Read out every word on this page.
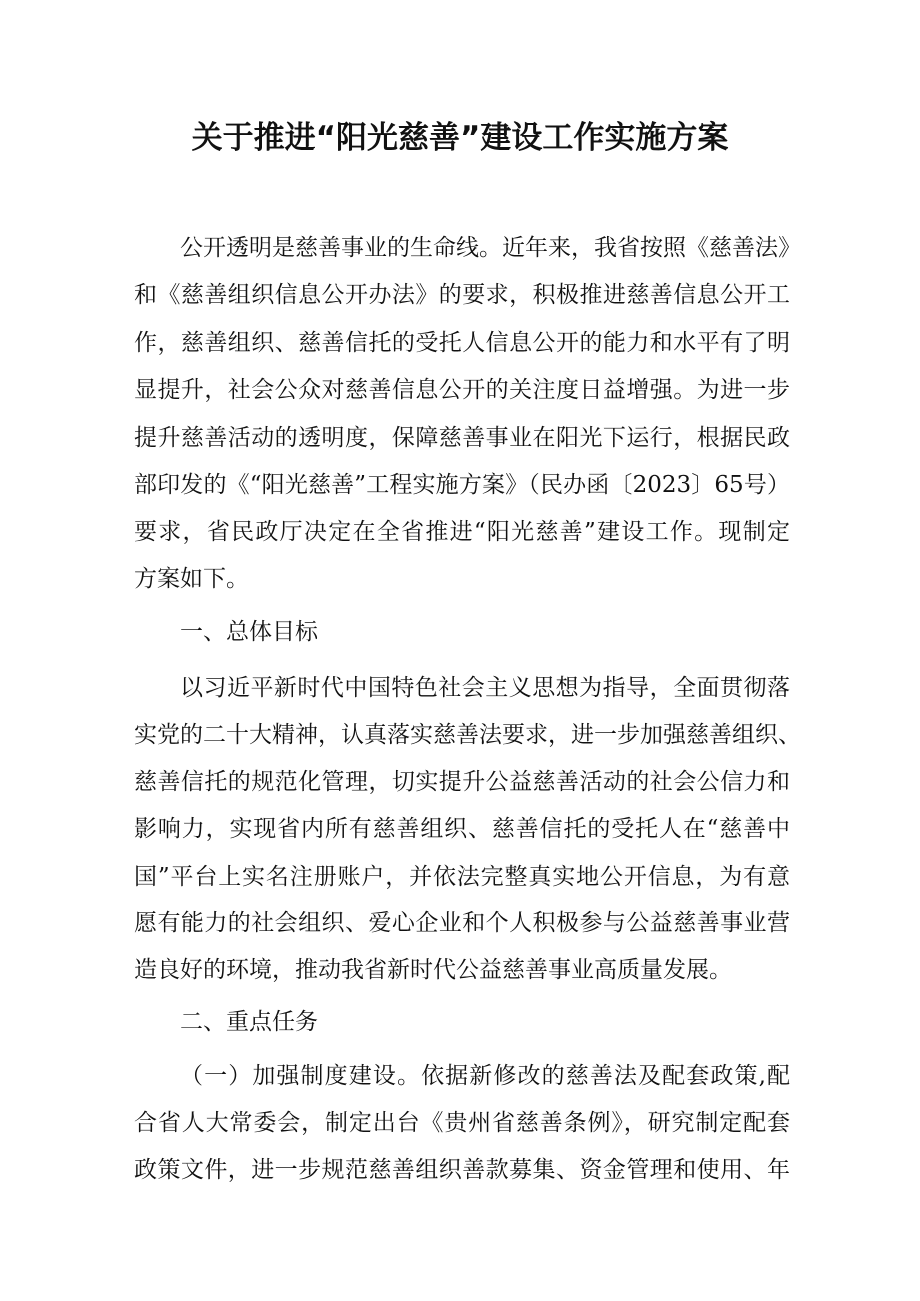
关于推进“阳光慈善”建设工作实施方案

公开透明是慈善事业的生命线。近年来，我省按照《慈善法》

和《慈善组织信息公开办法》的要求，积极推进慈善信息公开工

作，慈善组织、慈善信托的受托人信息公开的能力和水平有了明

显提升，社会公众对慈善信息公开的关注度日益增强。为进一步

提升慈善活动的透明度，保障慈善事业在阳光下运行，根据民政

部印发的《“阳光慈善”工程实施方案》（民办函〔2023〕65号）

要求，省民政厅决定在全省推进“阳光慈善”建设工作。现制定

方案如下。

一、总体目标

以习近平新时代中国特色社会主义思想为指导，全面贯彻落

实党的二十大精神，认真落实慈善法要求，进一步加强慈善组织、

慈善信托的规范化管理，切实提升公益慈善活动的社会公信力和

影响力，实现省内所有慈善组织、慈善信托的受托人在“慈善中

国”平台上实名注册账户，并依法完整真实地公开信息，为有意

愿有能力的社会组织、爱心企业和个人积极参与公益慈善事业营

造良好的环境，推动我省新时代公益慈善事业高质量发展。

二、重点任务

（一）加强制度建设。依据新修改的慈善法及配套政策,配

合省人大常委会，制定出台《贵州省慈善条例》，研究制定配套

政策文件，进一步规范慈善组织善款募集、资金管理和使用、年
